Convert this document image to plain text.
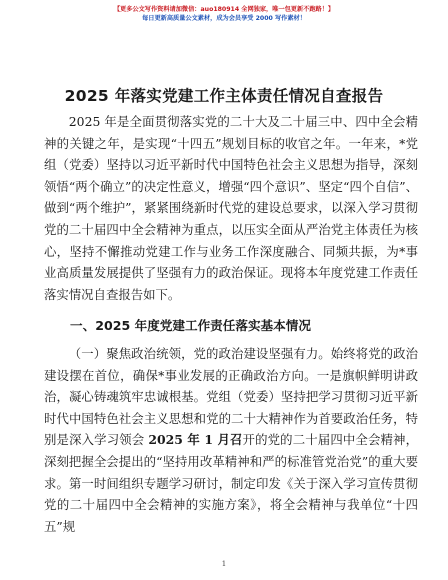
【更多公文写作资料请加微信：auo180914 全网独家，唯一包更新不跑路！】
每日更新高质量公文素材，成为会员享受 2000 写作素材！
2025 年落实党建工作主体责任情况自查报告

2025 年是全面贯彻落实党的二十大及二十届三中、四中全会精神的关键之年，是实现“十四五”规划目标的收官之年。一年来，*党组（党委）坚持以习近平新时代中国特色社会主义思想为指导，深刻领悟“两个确立”的决定性意义，增强“四个意识”、坚定“四个自信”、做到“两个维护”，紧紧围绕新时代党的建设总要求，以深入学习贯彻党的二十届四中全会精神为重点，以压实全面从严治党主体责任为核心，坚持不懈推动党建工作与业务工作深度融合、同频共振，为*事业高质量发展提供了坚强有力的政治保证。现将本年度党建工作责任落实情况自查报告如下。

一、2025 年度党建工作责任落实基本情况

（一）聚焦政治统领，党的政治建设坚强有力。始终将党的政治建设摆在首位，确保*事业发展的正确政治方向。一是旗帜鲜明讲政治，凝心铸魂筑牢忠诚根基。党组（党委）坚持把学习贯彻习近平新时代中国特色社会主义思想和党的二十大精神作为首要政治任务，特别是深入学习领会 2025 年 1 月召开的党的二十届四中全会精神，深刻把握全会提出的“坚持用改革精神和严的标准管党治党”的重大要求。第一时间组织专题学习研讨，制定印发《关于深入学习宣传贯彻党的二十届四中全会精神的实施方案》，将全会精神与我单位“十四五”规

1
